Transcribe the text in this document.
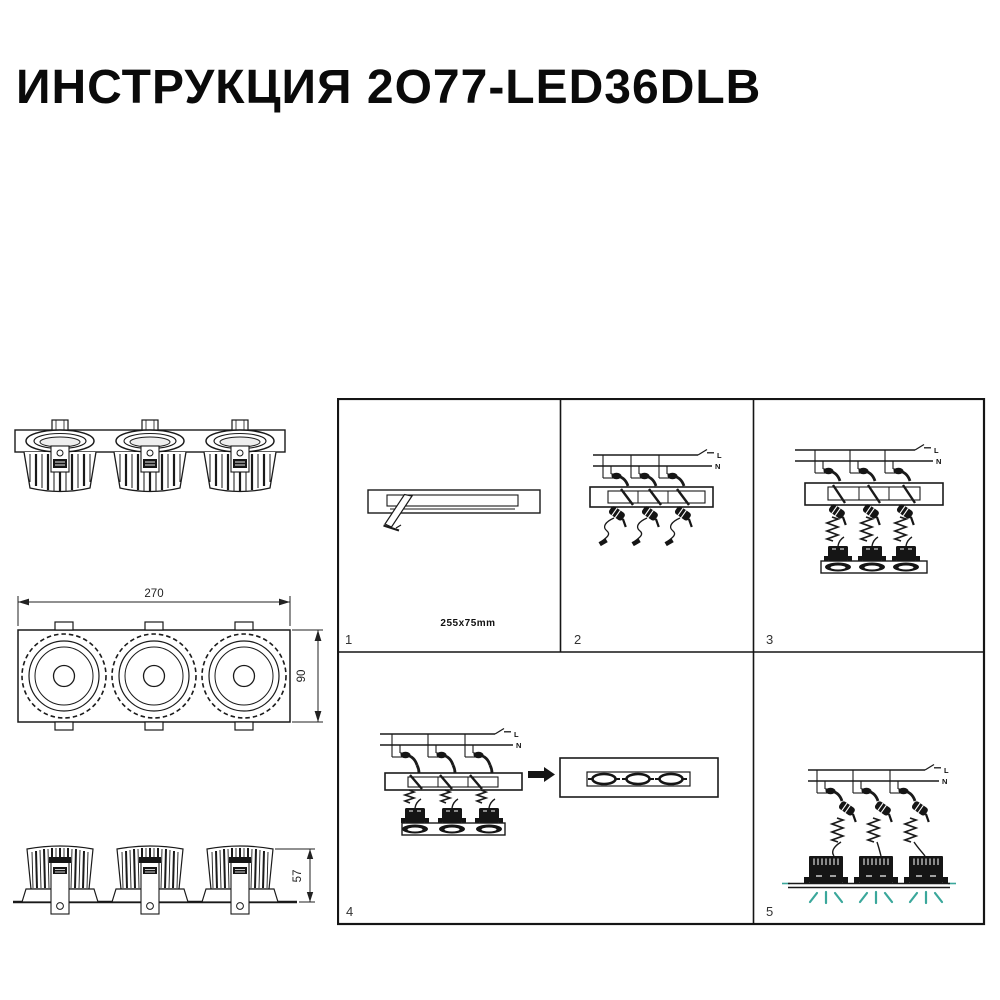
ИНСТРУКЦИЯ 2O77-LED36DLB
270
90
57
255x75mm
1
L
N
2
L
N
3
L
N
4
L
N
5
